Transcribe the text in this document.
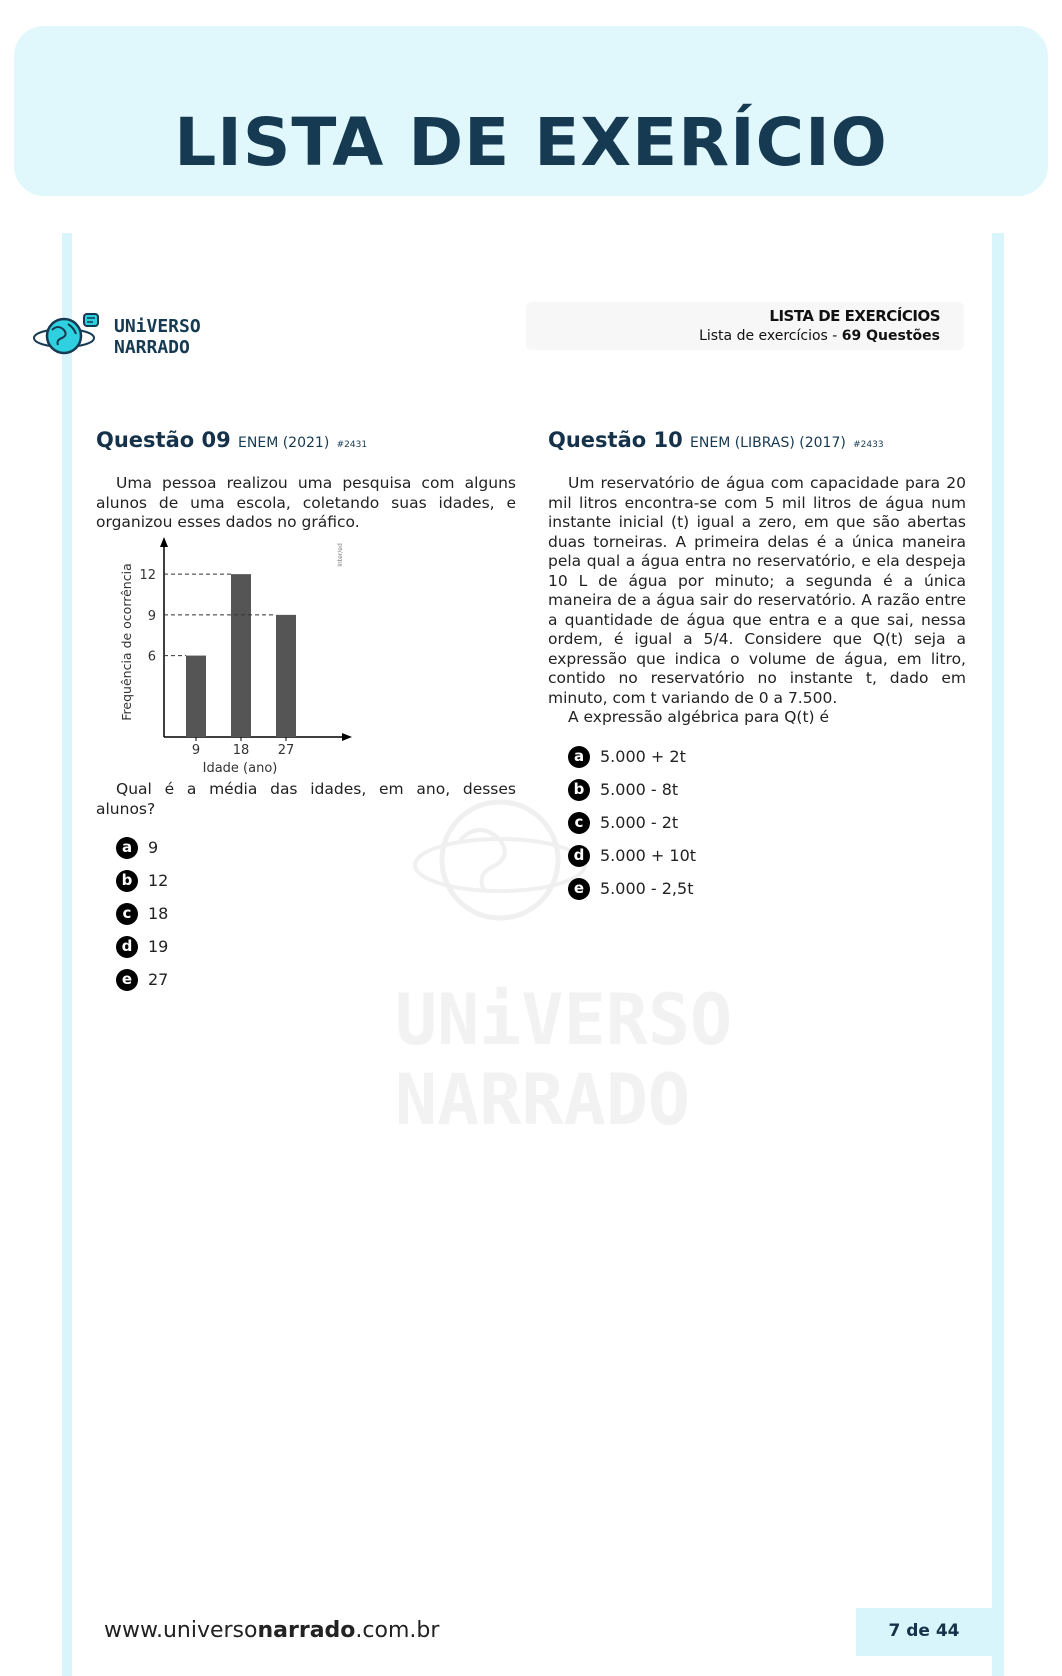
LISTA DE EXERÍCIO
UNiVERSO
NARRADO
LISTA DE EXERCÍCIOS
Lista de exercícios - 69 Questões
UNiVERSO
NARRADO
Questão 09 ENEM (2021) #2431

Uma pessoa realizou uma pesquisa com alguns alunos de uma escola, coletando suas idades, e organizou esses dados no gráfico.

9	18 27
6
9
12
Idade (ano)
Frequência de ocorrência
Inter/ed

Qual é a média das idades, em ano, desses alunos?

a 9
b 12
c	18
d 19
e 27
Questão 10 ENEM (LIBRAS) (2017) #2433

Um reservatório de água com capacidade para 20 mil litros encontra-se com 5 mil litros de água num instante inicial (t) igual a zero, em que são abertas duas torneiras. A primeira delas é a única maneira pela qual a água entra no reservatório, e ela despeja 10 L de água por minuto; a segunda é a única maneira de a água sair do reservatório. A razão entre a quantidade de água que entra e a que sai, nessa ordem, é igual a 5/4. Considere que Q(t) seja a expressão que indica o volume de água, em litro, contido no reservatório no instante t, dado em minuto, com t variando de 0 a 7.500.

A expressão algébrica para Q(t) é

a 5.000 + 2t
b 5.000 - 8t
c	5.000 - 2t
d 5.000 + 10t
e 5.000 - 2,5t
www.universonarrado.com.br	7 de 44
